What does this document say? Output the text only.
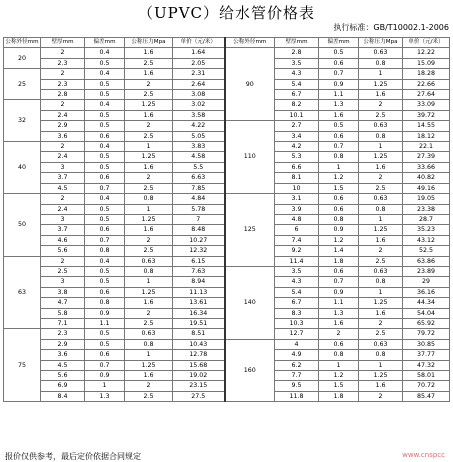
（UPVC）给水管价格表
执行标准：GB/T10002.1-2006
公称外径mm	壁厚mm	偏差mm	公称压力Mpa	单价（元/米）	公称外径mm	壁厚mm	偏差mm	公称压力Mpa	单价（元/米）
20	2	0.4	1.6	1.64	90	2.8	0.5	0.63	12.22
	2.3	0.5	2.5	2.05		3.5	0.6	0.8	15.09
25	2	0.4	1.6	2.31		4.3	0.7	1	18.28
	2.3	0.5	2	2.64		5.4	0.9	1.25	22.66
	2.8	0.5	2.5	3.08		6.7	1.1	1.6	27.64
32	2	0.4	1.25	3.02		8.2	1.3	2	33.09
	2.4	0.5	1.6	3.58		10.1	1.6	2.5	39.72
	2.9	0.5	2	4.22	110	2.7	0.5	0.63	14.55
	3.6	0.6	2.5	5.05		3.4	0.6	0.8	18.12
40	2	0.4	1	3.83		4.2	0.7	1	22.1
	2.4	0.5	1.25	4.58		5.3	0.8	1.25	27.39
	3	0.5	1.6	5.5		6.6	1	1.6	33.66
	3.7	0.6	2	6.63		8.1	1.2	2	40.82
	4.5	0.7	2.5	7.85		10	1.5	2.5	49.16
50	2	0.4	0.8	4.84	125	3.1	0.6	0.63	19.05
	2.4	0.5	1	5.78		3.9	0.6	0.8	23.38
	3	0.5	1.25	7		4.8	0.8	1	28.7
	3.7	0.6	1.6	8.48		6	0.9	1.25	35.23
	4.6	0.7	2	10.27		7.4	1.2	1.6	43.12
	5.6	0.8	2.5	12.32		9.2	1.4	2	52.5
63	2	0.4	0.63	6.15		11.4	1.8	2.5	63.86
	2.5	0.5	0.8	7.63	140	3.5	0.6	0.63	23.89
	3	0.5	1	8.94		4.3	0.7	0.8	29
	3.8	0.6	1.25	11.13		5.4	0.9	1	36.16
	4.7	0.8	1.6	13.61		6.7	1.1	1.25	44.34
	5.8	0.9	2	16.34		8.3	1.3	1.6	54.04
	7.1	1.1	2.5	19.51		10.3	1.6	2	65.92
75	2.3	0.5	0.63	8.51		12.7	2	2.5	79.72
	2.9	0.5	0.8	10.43	160	4	0.6	0.63	30.85
	3.6	0.6	1	12.78		4.9	0.8	0.8	37.77
	4.5	0.7	1.25	15.68		6.2	1	1	47.32
	5.6	0.9	1.6	19.02		7.7	1.2	1.25	58.01
	6.9	1	2	23.15		9.5	1.5	1.6	70.72
	8.4	1.3	2.5	27.5		11.8	1.8	2	85.47
报价仅供参考，最后定价依据合同规定	www.cnspcc
